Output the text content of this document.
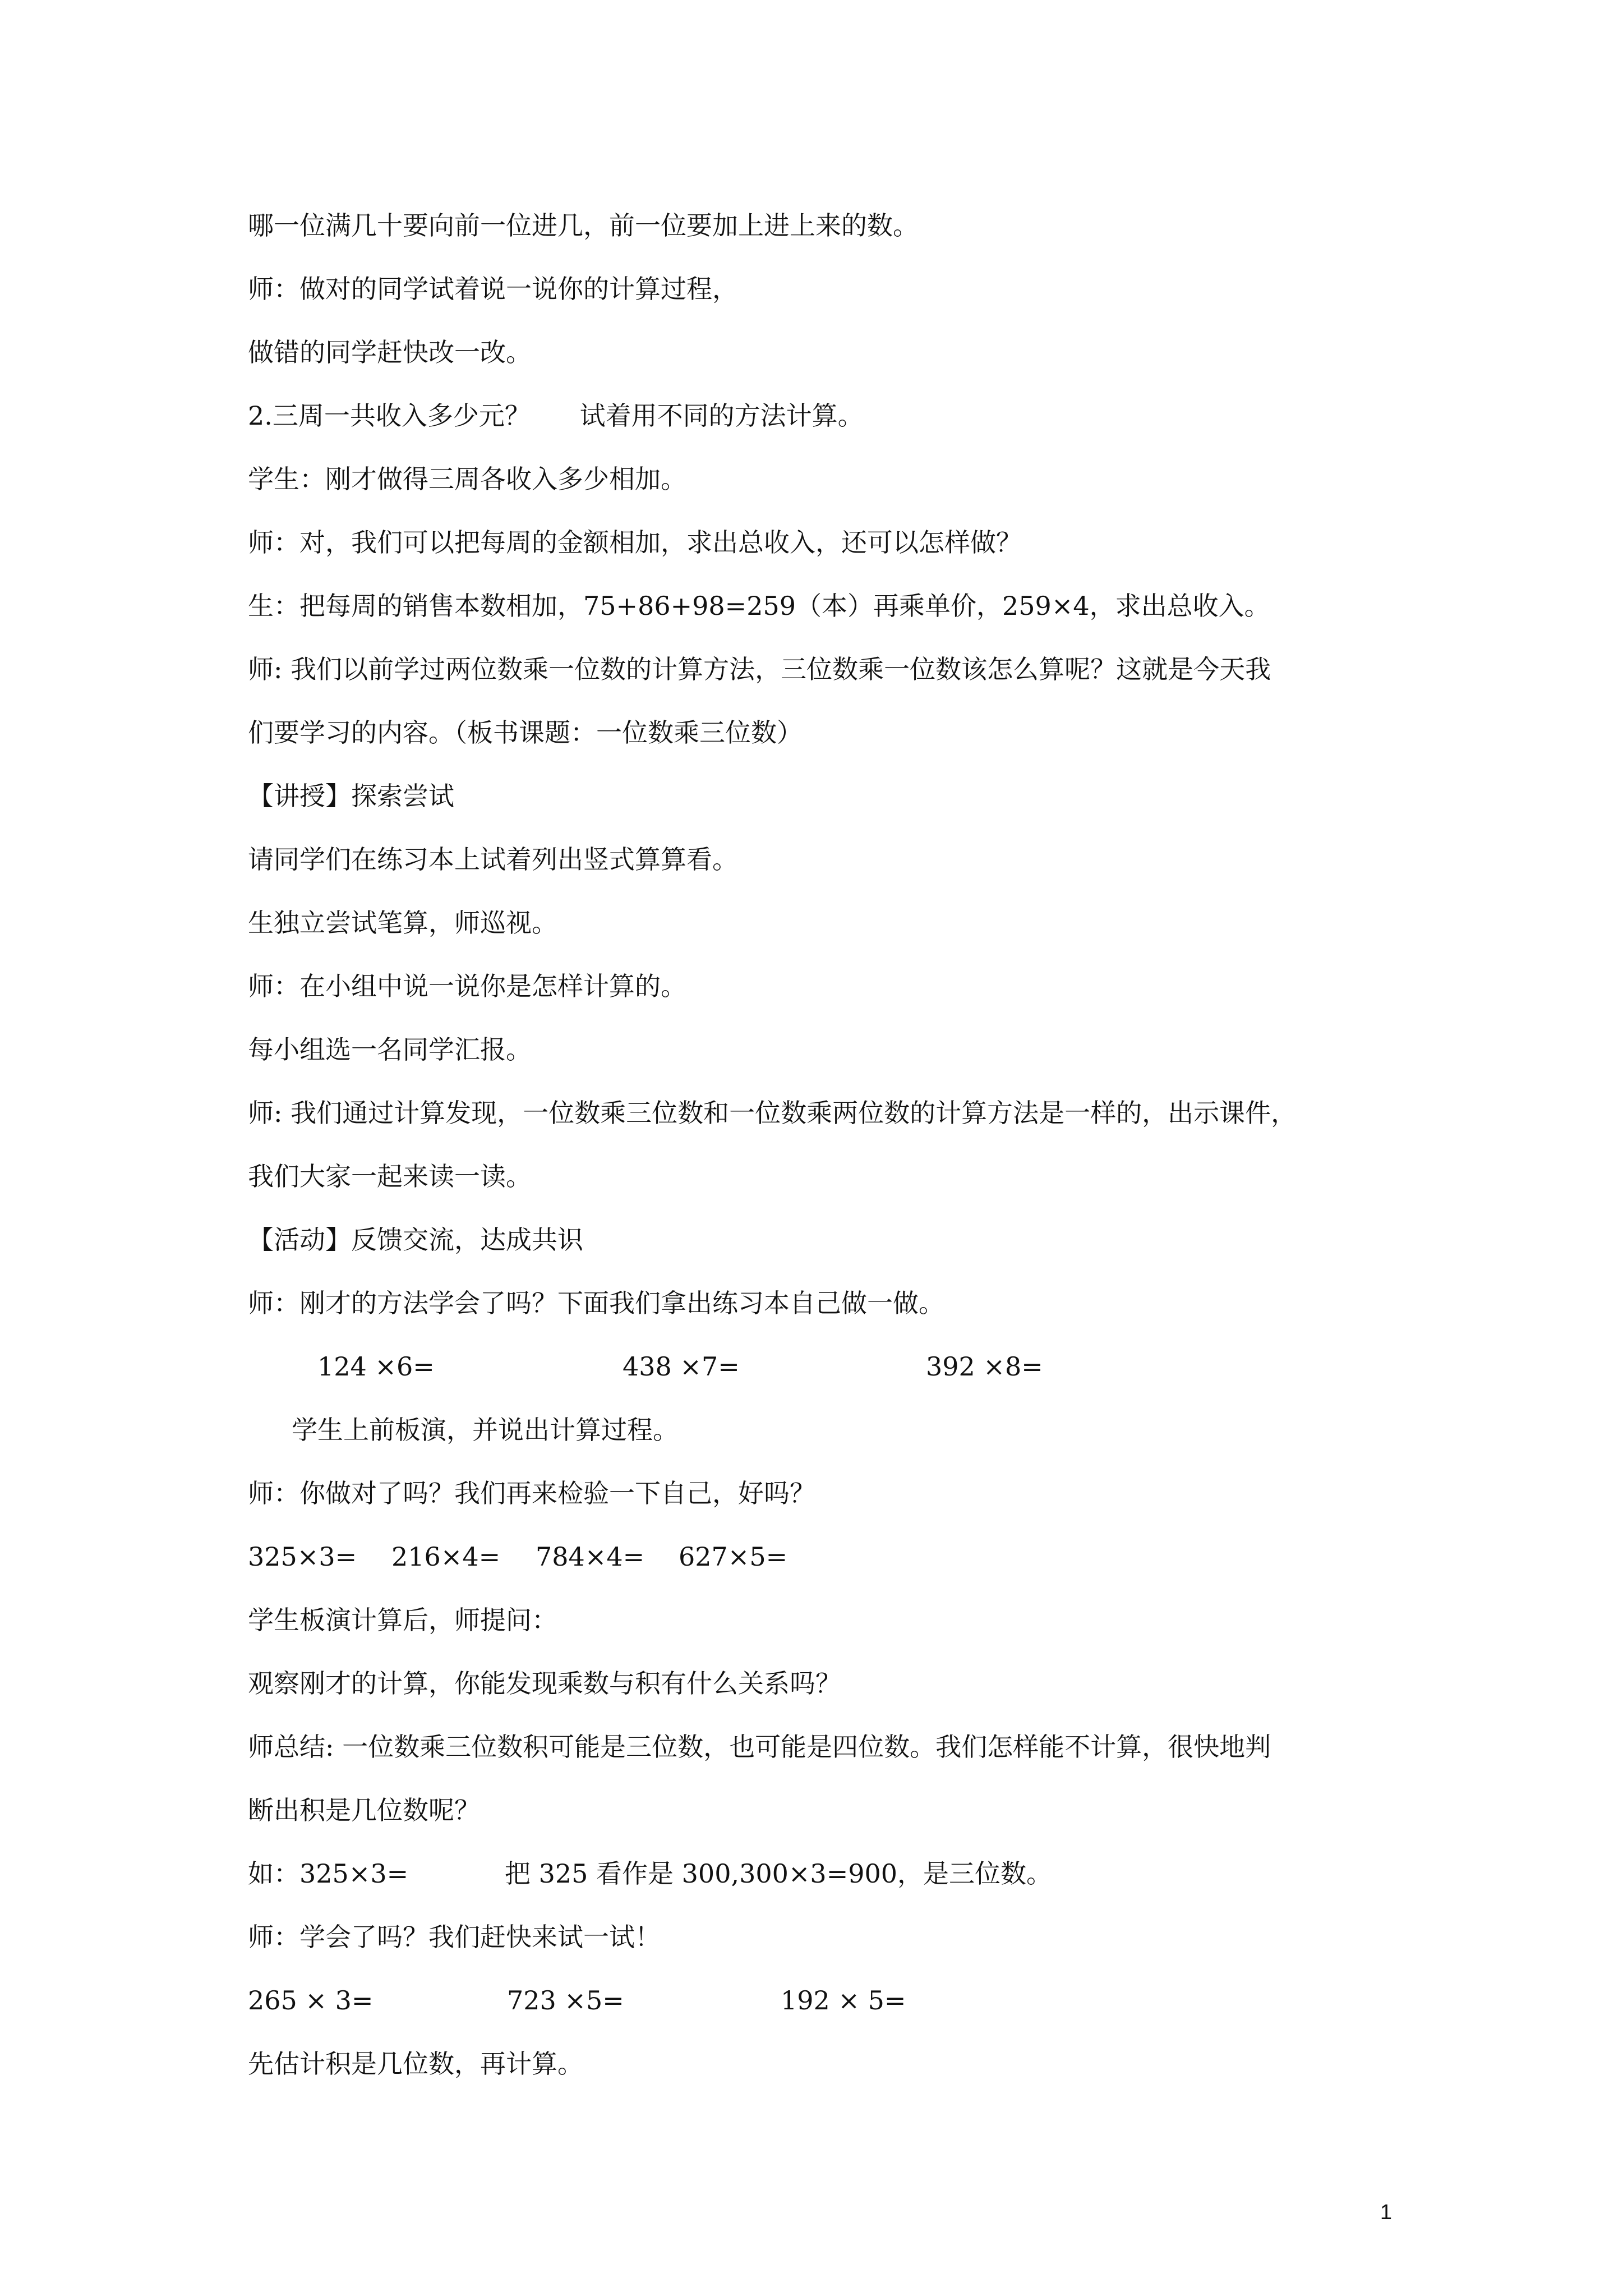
哪一位满几十要向前一位进几，前一位要加上进上来的数。

师：做对的同学试着说一说你的计算过程，

做错的同学赶快改一改。

2.三周一共收入多少元？      试着用不同的方法计算。

学生：刚才做得三周各收入多少相加。

师：对，我们可以把每周的金额相加，求出总收入，还可以怎样做？

生：把每周的销售本数相加，75+86+98=259（本）再乘单价，259×4，求出总收入。

师: 我们以前学过两位数乘一位数的计算方法，三位数乘一位数该怎么算呢？这就是今天我

们要学习的内容。（板书课题：一位数乘三位数）

【讲授】探索尝试

请同学们在练习本上试着列出竖式算算看。

生独立尝试笔算，师巡视。

师：在小组中说一说你是怎样计算的。

每小组选一名同学汇报。

师: 我们通过计算发现，一位数乘三位数和一位数乘两位数的计算方法是一样的，出示课件，

我们大家一起来读一读。

【活动】反馈交流，达成共识

师：刚才的方法学会了吗？下面我们拿出练习本自己做一做。

124 ×6=	438 ×7=	392 ×8=

学生上前板演，并说出计算过程。

师：你做对了吗？我们再来检验一下自己，好吗？

325×3= 216×4= 784×4= 627×5=

学生板演计算后，师提问：

观察刚才的计算，你能发现乘数与积有什么关系吗？

师总结: 一位数乘三位数积可能是三位数，也可能是四位数。我们怎样能不计算，很快地判

断出积是几位数呢？

如：325×3=	把 325 看作是 300,300×3=900，是三位数。

师：学会了吗？我们赶快来试一试！

265 × 3=	723 ×5=	192 × 5=

先估计积是几位数，再计算。

1
